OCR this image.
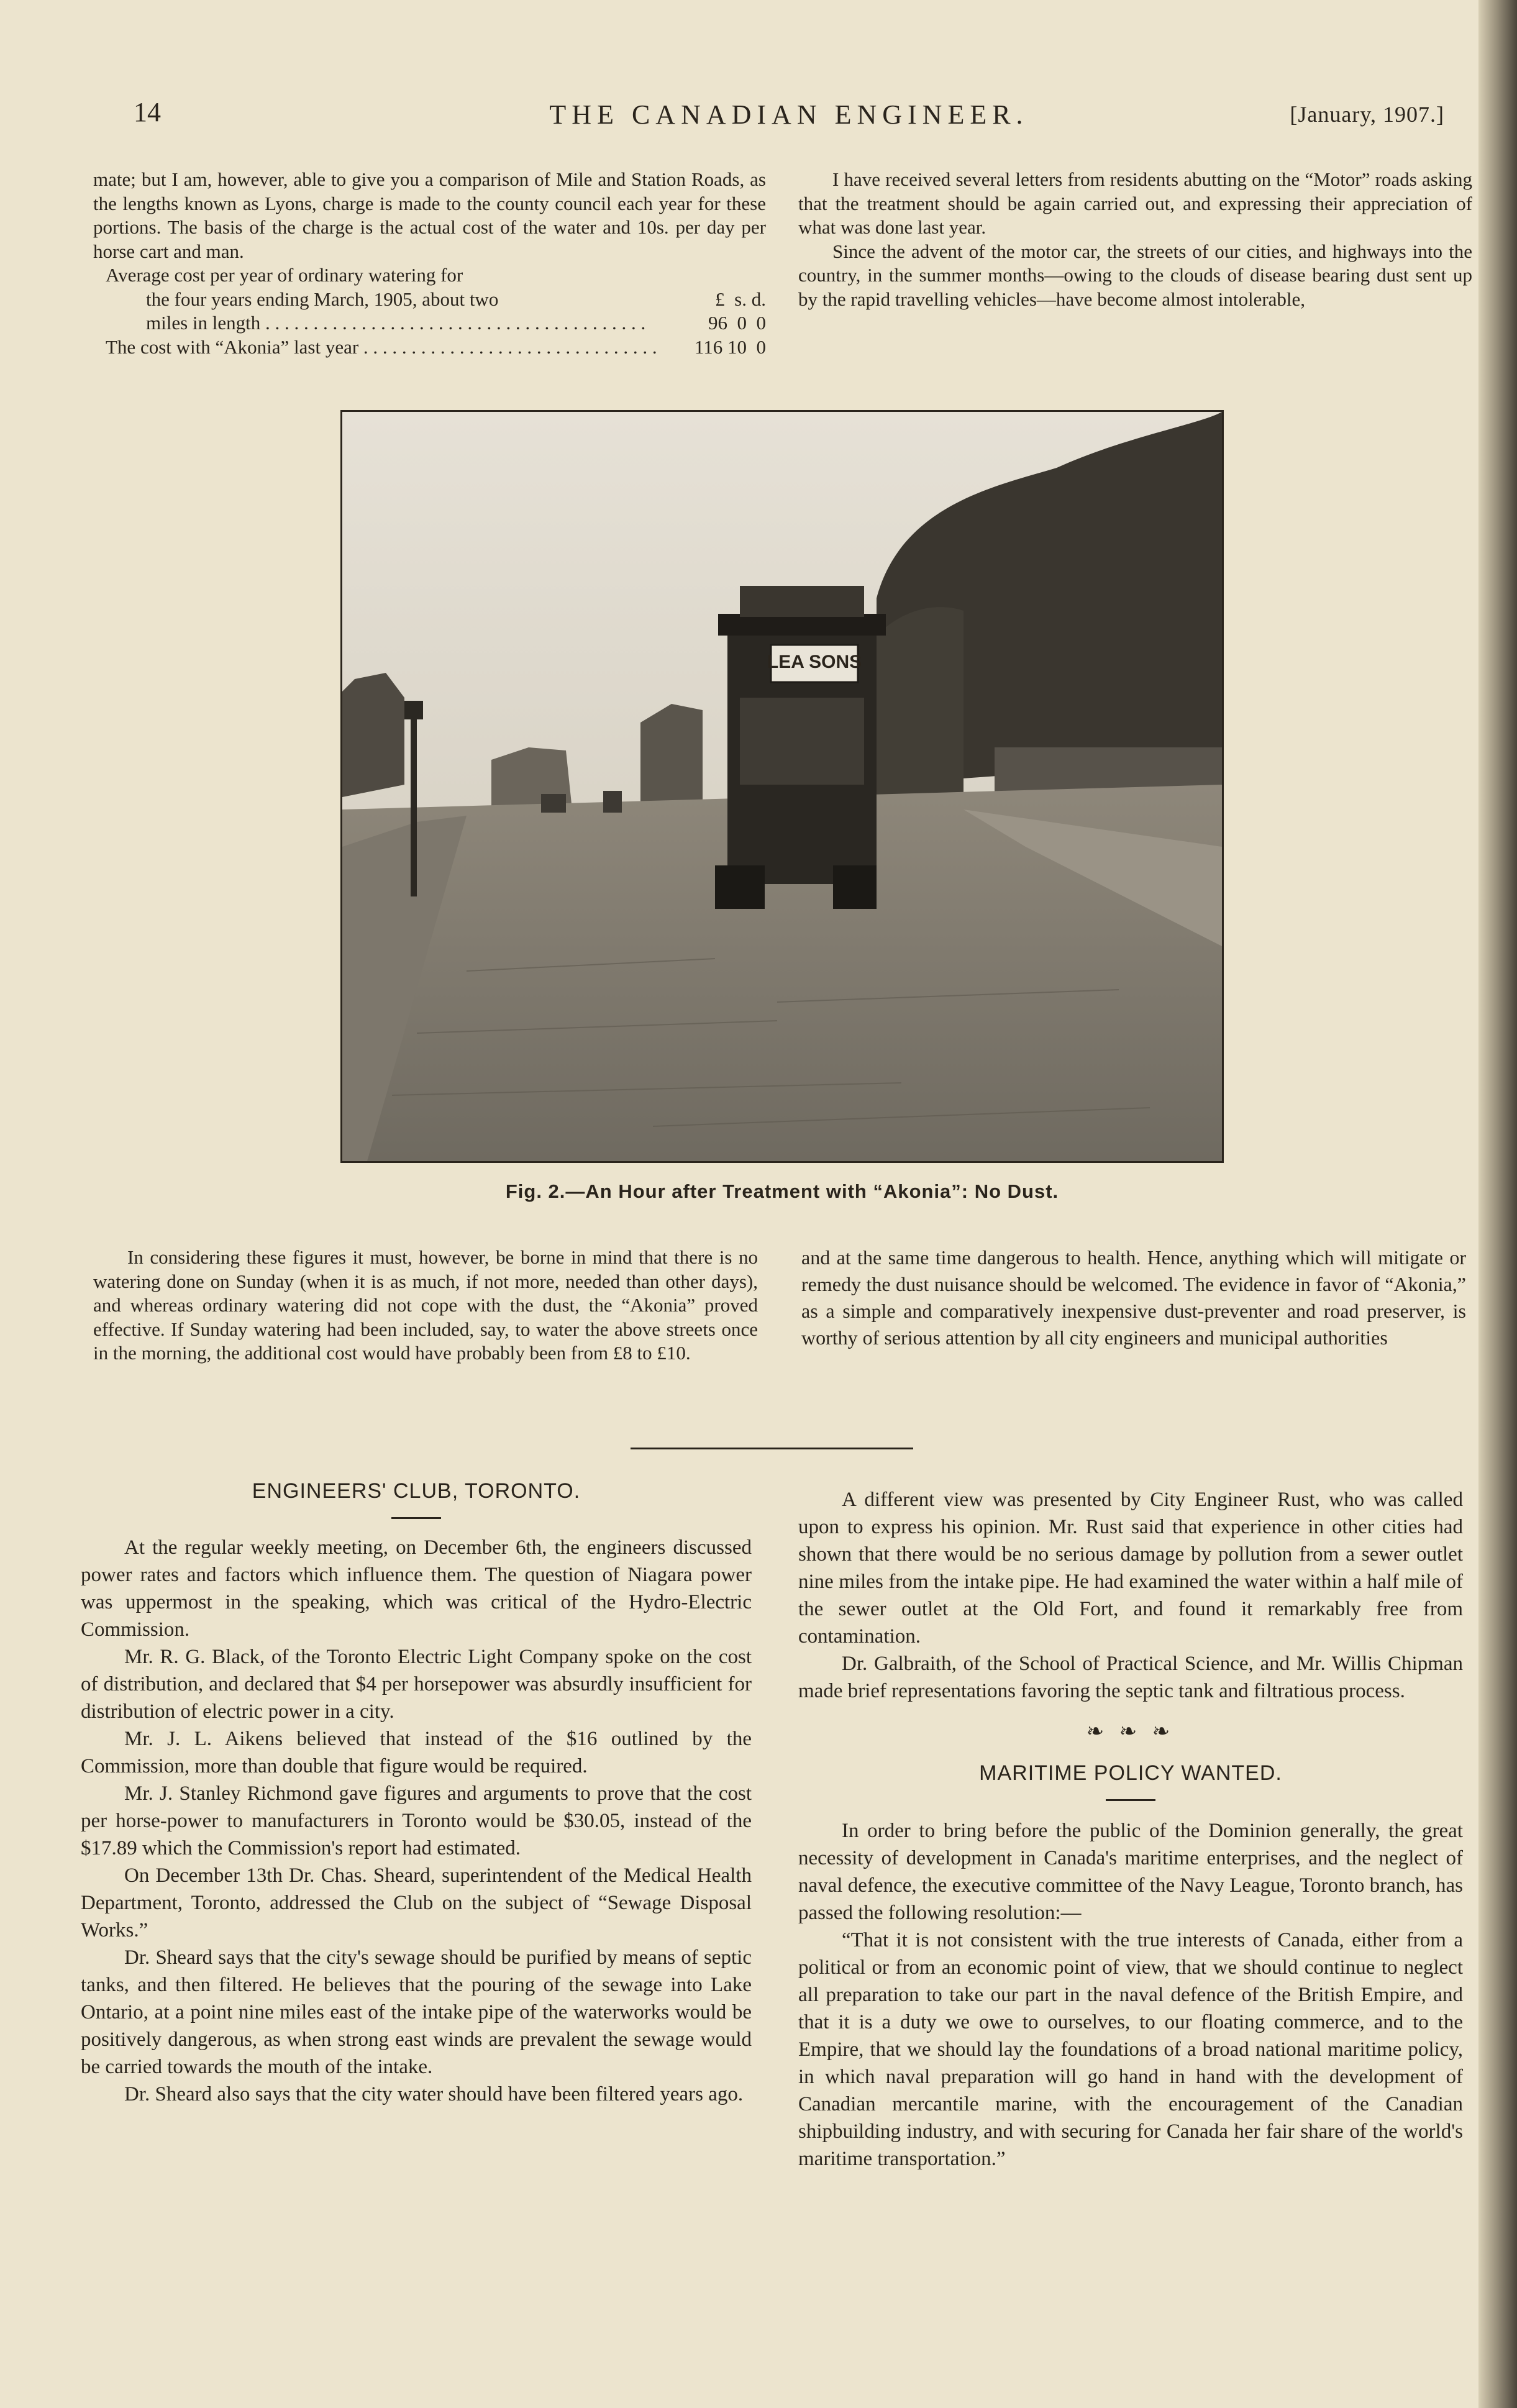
14	THE CANADIAN ENGINEER.	[January, 1907.]

mate; but I am, however, able to give you a comparison of Mile and Station Roads, as the lengths known as Lyons, charge is made to the county council each year for these portions. The basis of the charge is the actual cost of the water and 10s. per day per horse cart and man.

Average cost per year of ordinary watering for
the four years ending March, 1905, about two	£  s. d.
miles in length . . .	96  0  0
The cost with “Akonia” last year . . .	116 10  0

I have received several letters from residents abutting on the “Motor” roads asking that the treatment should be again carried out, and expressing their appreciation of what was done last year.

Since the advent of the motor car, the streets of our cities, and highways into the country, in the summer months—owing to the clouds of disease bearing dust sent up by the rapid travelling vehicles—have become almost intolerable,

LEA SONS
Fig. 2.—An Hour after Treatment with “Akonia”: No Dust.

In considering these figures it must, however, be borne in mind that there is no watering done on Sunday (when it is as much, if not more, needed than other days), and whereas ordinary watering did not cope with the dust, the “Akonia” proved effective. If Sunday watering had been included, say, to water the above streets once in the morning, the additional cost would have probably been from £8 to £10.

and at the same time dangerous to health. Hence, anything which will mitigate or remedy the dust nuisance should be welcomed. The evidence in favor of “Akonia,” as a simple and comparatively inexpensive dust-preventer and road preserver, is worthy of serious attention by all city engineers and municipal authorities

ENGINEERS' CLUB, TORONTO.

At the regular weekly meeting, on December 6th, the engineers discussed power rates and factors which influence them. The question of Niagara power was uppermost in the speaking, which was critical of the Hydro-Electric Commission.

Mr. R. G. Black, of the Toronto Electric Light Company spoke on the cost of distribution, and declared that $4 per horsepower was absurdly insufficient for distribution of electric power in a city.

Mr. J. L. Aikens believed that instead of the $16 outlined by the Commission, more than double that figure would be required.

Mr. J. Stanley Richmond gave figures and arguments to prove that the cost per horse-power to manufacturers in Toronto would be $30.05, instead of the $17.89 which the Commission's report had estimated.

On December 13th Dr. Chas. Sheard, superintendent of the Medical Health Department, Toronto, addressed the Club on the subject of “Sewage Disposal Works.”

Dr. Sheard says that the city's sewage should be purified by means of septic tanks, and then filtered. He believes that the pouring of the sewage into Lake Ontario, at a point nine miles east of the intake pipe of the waterworks would be positively dangerous, as when strong east winds are prevalent the sewage would be carried towards the mouth of the intake.

Dr. Sheard also says that the city water should have been filtered years ago.

A different view was presented by City Engineer Rust, who was called upon to express his opinion. Mr. Rust said that experience in other cities had shown that there would be no serious damage by pollution from a sewer outlet nine miles from the intake pipe. He had examined the water within a half mile of the sewer outlet at the Old Fort, and found it remarkably free from contamination.

Dr. Galbraith, of the School of Practical Science, and Mr. Willis Chipman made brief representations favoring the septic tank and filtratious process.

❧ ❧ ❧
MARITIME POLICY WANTED.

In order to bring before the public of the Dominion generally, the great necessity of development in Canada's maritime enterprises, and the neglect of naval defence, the executive committee of the Navy League, Toronto branch, has passed the following resolution:—

“That it is not consistent with the true interests of Canada, either from a political or from an economic point of view, that we should continue to neglect all preparation to take our part in the naval defence of the British Empire, and that it is a duty we owe to ourselves, to our floating commerce, and to the Empire, that we should lay the foundations of a broad national maritime policy, in which naval preparation will go hand in hand with the development of Canadian mercantile marine, with the encouragement of the Canadian shipbuilding industry, and with securing for Canada her fair share of the world's maritime transportation.”
